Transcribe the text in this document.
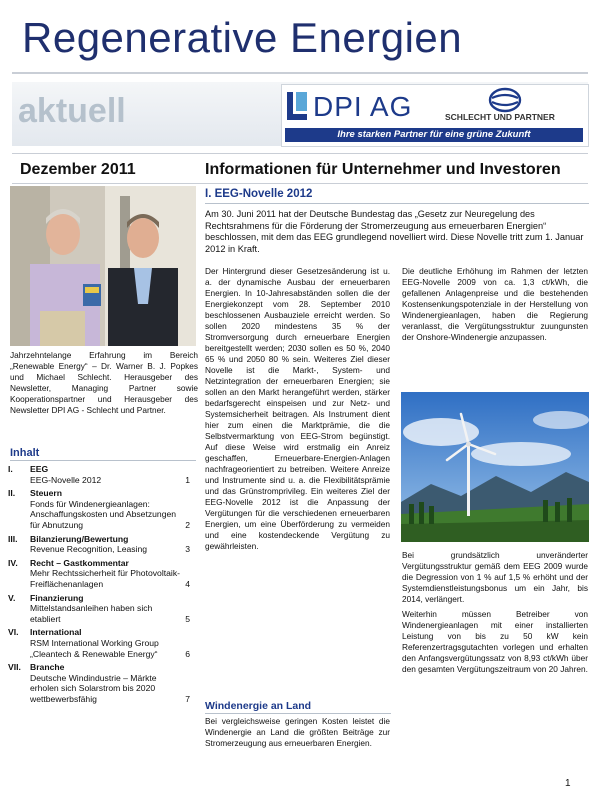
Regenerative Energien
aktuell	DPI AG	SCHLECHT UND PARTNER
Ihre starken Partner für eine grüne Zukunft
Dezember 2011	Informationen für Unternehmer und Investoren
Jahrzehntelange Erfahrung im Bereich „Renewable Energy“ – Dr. Warner B. J. Popkes und Michael Schlecht. Herausgeber des Newsletter, Managing Partner sowie Kooperationspartner und Herausgeber des Newsletter DPI AG - Schlecht und Partner.
Inhalt
I. EEG
EEG-Novelle 2012	1
II. Steuern
Fonds für Windenergieanlagen: Anschaffungskosten und Absetzungen für Abnutzung	2
III. Bilanzierung/Bewertung
Revenue Recognition, Leasing	3
IV. Recht – Gastkommentar
Mehr Rechtssicherheit für Photovoltaik-Freiflächenanlagen	4
V. Finanzierung
Mittelstandsanleihen haben sich etabliert	5
VI. International
RSM International Working Group „Cleantech & Renewable Energy“	6
VII. Branche
Deutsche Windindustrie – Märkte erholen sich Solarstrom bis 2020 wettbewerbsfähig	7
I. EEG-Novelle 2012
Am 30. Juni 2011 hat der Deutsche Bundestag das „Gesetz zur Neuregelung des Rechtsrahmens für die Förderung der Stromerzeugung aus erneuerbaren Energien“ beschlossen, mit dem das EEG grundlegend novelliert wird. Diese Novelle tritt zum 1. Januar 2012 in Kraft.
Der Hintergrund dieser Gesetzesänderung ist u. a. der dynamische Ausbau der erneuerbaren Energien. In 10-Jahresabständen sollen die der Energiekonzept vom 28. September 2010 beschlossenen Ausbauziele erreicht werden. So sollen 2020 mindestens 35 % der Stromversorgung durch erneuerbare Energien bereitgestellt werden; 2030 sollen es 50 %, 2040 65 % und 2050 80 % sein. Weiteres Ziel dieser Novelle ist die Markt-, System- und Netzintegration der erneuerbaren Energien; sie sollen an den Markt herangeführt werden, stärker bedarfsgerecht einspeisen und zur Netz- und Systemsicherheit beitragen. Als Instrument dient hier zum einen die Marktprämie, die die Selbstvermarktung von EEG-Strom begünstigt. Auf diese Weise wird erstmalig ein Anreiz geschaffen, Erneuerbare-Energien-Anlagen nachfrageorientiert zu betreiben. Weitere Anreize und Instrumente sind u. a. die Flexibilitätsprämie und das Grünstromprivileg. Ein weiteres Ziel der EEG-Novelle 2012 ist die Anpassung der Vergütungen für die verschiedenen erneuerbaren Energien, um eine Überförderung zu vermeiden und eine kostendeckende Vergütung zu gewährleisten.
Die deutliche Erhöhung im Rahmen der letzten EEG-Novelle 2009 von ca. 1,3 ct/kWh, die gefallenen Anlagenpreise und die bestehenden Kostensenkungspotenziale in der Herstellung von Windenergieanlagen, haben die Regierung veranlasst, die Vergütungsstruktur zuungunsten der Onshore-Windenergie anzupassen.

Bei grundsätzlich unveränderter Vergütungsstruktur gemäß dem EEG 2009 wurde die Degression von 1 % auf 1,5 % erhöht und der Systemdienstleistungsbonus um ein Jahr, bis 2014, verlängert.

Weiterhin müssen Betreiber von Windenergieanlagen mit einer installierten Leistung von bis zu 50 kW kein Referenzertragsgutachten vorlegen und erhalten den Anfangsvergütungssatz von 8,93 ct/kWh über den gesamten Vergütungszeitraum von 20 Jahren.

Windenergie an Land
Bei vergleichsweise geringen Kosten leistet die Windenergie an Land die größten Beiträge zur Stromerzeugung aus erneuerbaren Energien.
1
